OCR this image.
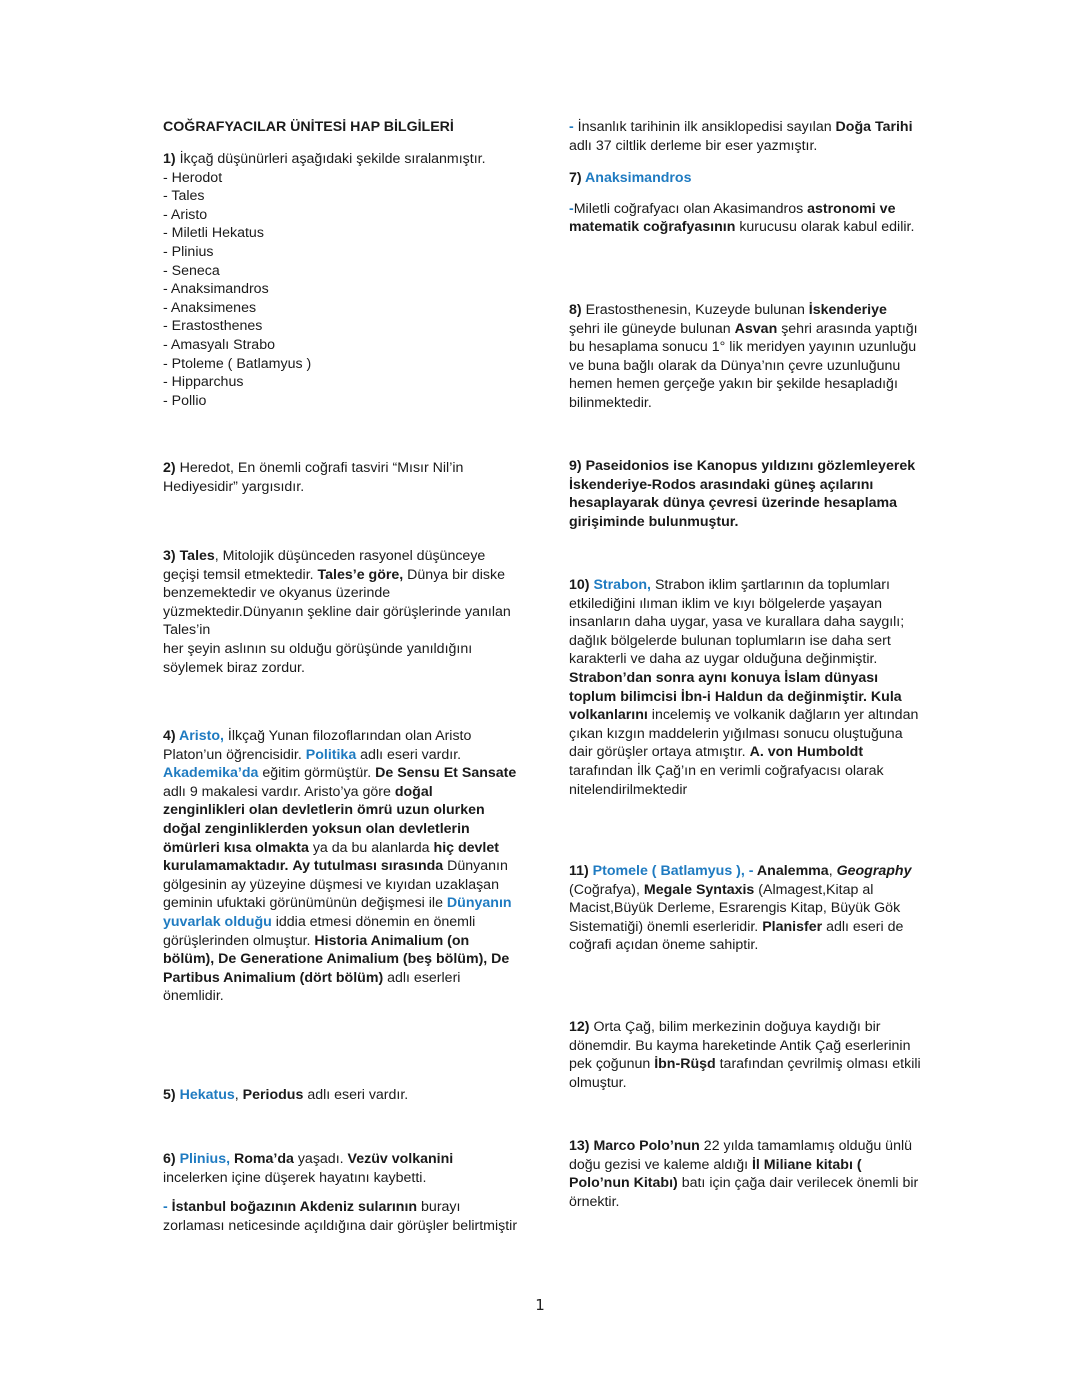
COĞRAFYACILAR ÜNİTESİ HAP BİLGİLERİ

1) İkçağ düşünürleri aşağıdaki şekilde sıralanmıştır.

- Herodot
- Tales
- Aristo
- Miletli Hekatus
- Plinius
- Seneca
- Anaksimandros
- Anaksimenes
- Erastosthenes
- Amasyalı Strabo
- Ptoleme ( Batlamyus )
- Hipparchus
- Pollio

2) Heredot, En önemli coğrafi tasviri “Mısır Nil’in Hediyesidir” yargısıdır.

3) Tales, Mitolojik düşünceden rasyonel düşünceye geçişi temsil etmektedir. Tales’e göre, Dünya bir diske benzemektedir ve okyanus üzerinde yüzmektedir.Dünyanın şekline dair görüşlerinde yanılan Tales’in

her şeyin aslının su olduğu görüşünde yanıldığını söylemek biraz zordur.

4) Aristo, İlkçağ Yunan filozoflarından olan Aristo Platon’un öğrencisidir. Politika adlı eseri vardır. Akademika’da eğitim görmüştür. De Sensu Et Sansate adlı 9 makalesi vardır. Aristo’ya göre doğal zenginlikleri olan devletlerin ömrü uzun olurken doğal zenginliklerden yoksun olan devletlerin ömürleri kısa olmakta ya da bu alanlarda hiç devlet kurulamamaktadır. Ay tutulması sırasında Dünyanın gölgesinin ay yüzeyine düşmesi ve kıyıdan uzaklaşan geminin ufuktaki görünümünün değişmesi ile Dünyanın yuvarlak olduğu iddia etmesi dönemin en önemli görüşlerinden olmuştur. Historia Animalium (on bölüm), De Generatione Animalium (beş bölüm), De Partibus Animalium (dört bölüm) adlı eserleri önemlidir.

5) Hekatus, Periodus adlı eseri vardır.

6) Plinius, Roma’da yaşadı. Vezüv volkanini incelerken içine düşerek hayatını kaybetti.

- İstanbul boğazının Akdeniz sularının burayı zorlaması neticesinde açıldığına dair görüşler belirtmiştir

- İnsanlık tarihinin ilk ansiklopedisi sayılan Doğa Tarihi adlı 37 ciltlik derleme bir eser yazmıştır.

7) Anaksimandros

-Miletli coğrafyacı olan Akasimandros astronomi ve matematik coğrafyasının kurucusu olarak kabul edilir.

8) Erastosthenesin, Kuzeyde bulunan İskenderiye şehri ile güneyde bulunan Asvan şehri arasında yaptığı bu hesaplama sonucu 1° lik meridyen yayının uzunluğu ve buna bağlı olarak da Dünya’nın çevre uzunluğunu hemen hemen gerçeğe yakın bir şekilde hesapladığı bilinmektedir.

9) Paseidonios ise Kanopus yıldızını gözlemleyerek İskenderiye-Rodos arasındaki güneş açılarını hesaplayarak dünya çevresi üzerinde hesaplama girişiminde bulunmuştur.

10) Strabon, Strabon iklim şartlarının da toplumları etkilediğini ılıman iklim ve kıyı bölgelerde yaşayan insanların daha uygar, yasa ve kurallara daha saygılı; dağlık bölgelerde bulunan toplumların ise daha sert karakterli ve daha az uygar olduğuna değinmiştir. Strabon’dan sonra aynı konuya İslam dünyası toplum bilimcisi İbn-i Haldun da değinmiştir. Kula volkanlarını incelemiş ve volkanik dağların yer altından çıkan kızgın maddelerin yığılması sonucu oluştuğuna dair görüşler ortaya atmıştır. A. von Humboldt tarafından İlk Çağ’ın en verimli coğrafyacısı olarak nitelendirilmektedir

11) Ptomele ( Batlamyus ), - Analemma, Geography (Coğrafya), Megale Syntaxis (Almagest,Kitap al Macist,Büyük Derleme, Esrarengis Kitap, Büyük Gök Sistematiği) önemli eserleridir. Planisfer adlı eseri de coğrafi açıdan öneme sahiptir.

12) Orta Çağ, bilim merkezinin doğuya kaydığı bir dönemdir. Bu kayma hareketinde Antik Çağ eserlerinin pek çoğunun İbn-Rüşd tarafından çevrilmiş olması etkili olmuştur.

13) Marco Polo’nun 22 yılda tamamlamış olduğu ünlü doğu gezisi ve kaleme aldığı İl Miliane kitabı ( Polo’nun Kitabı) batı için çağa dair verilecek önemli bir örnektir.

1
